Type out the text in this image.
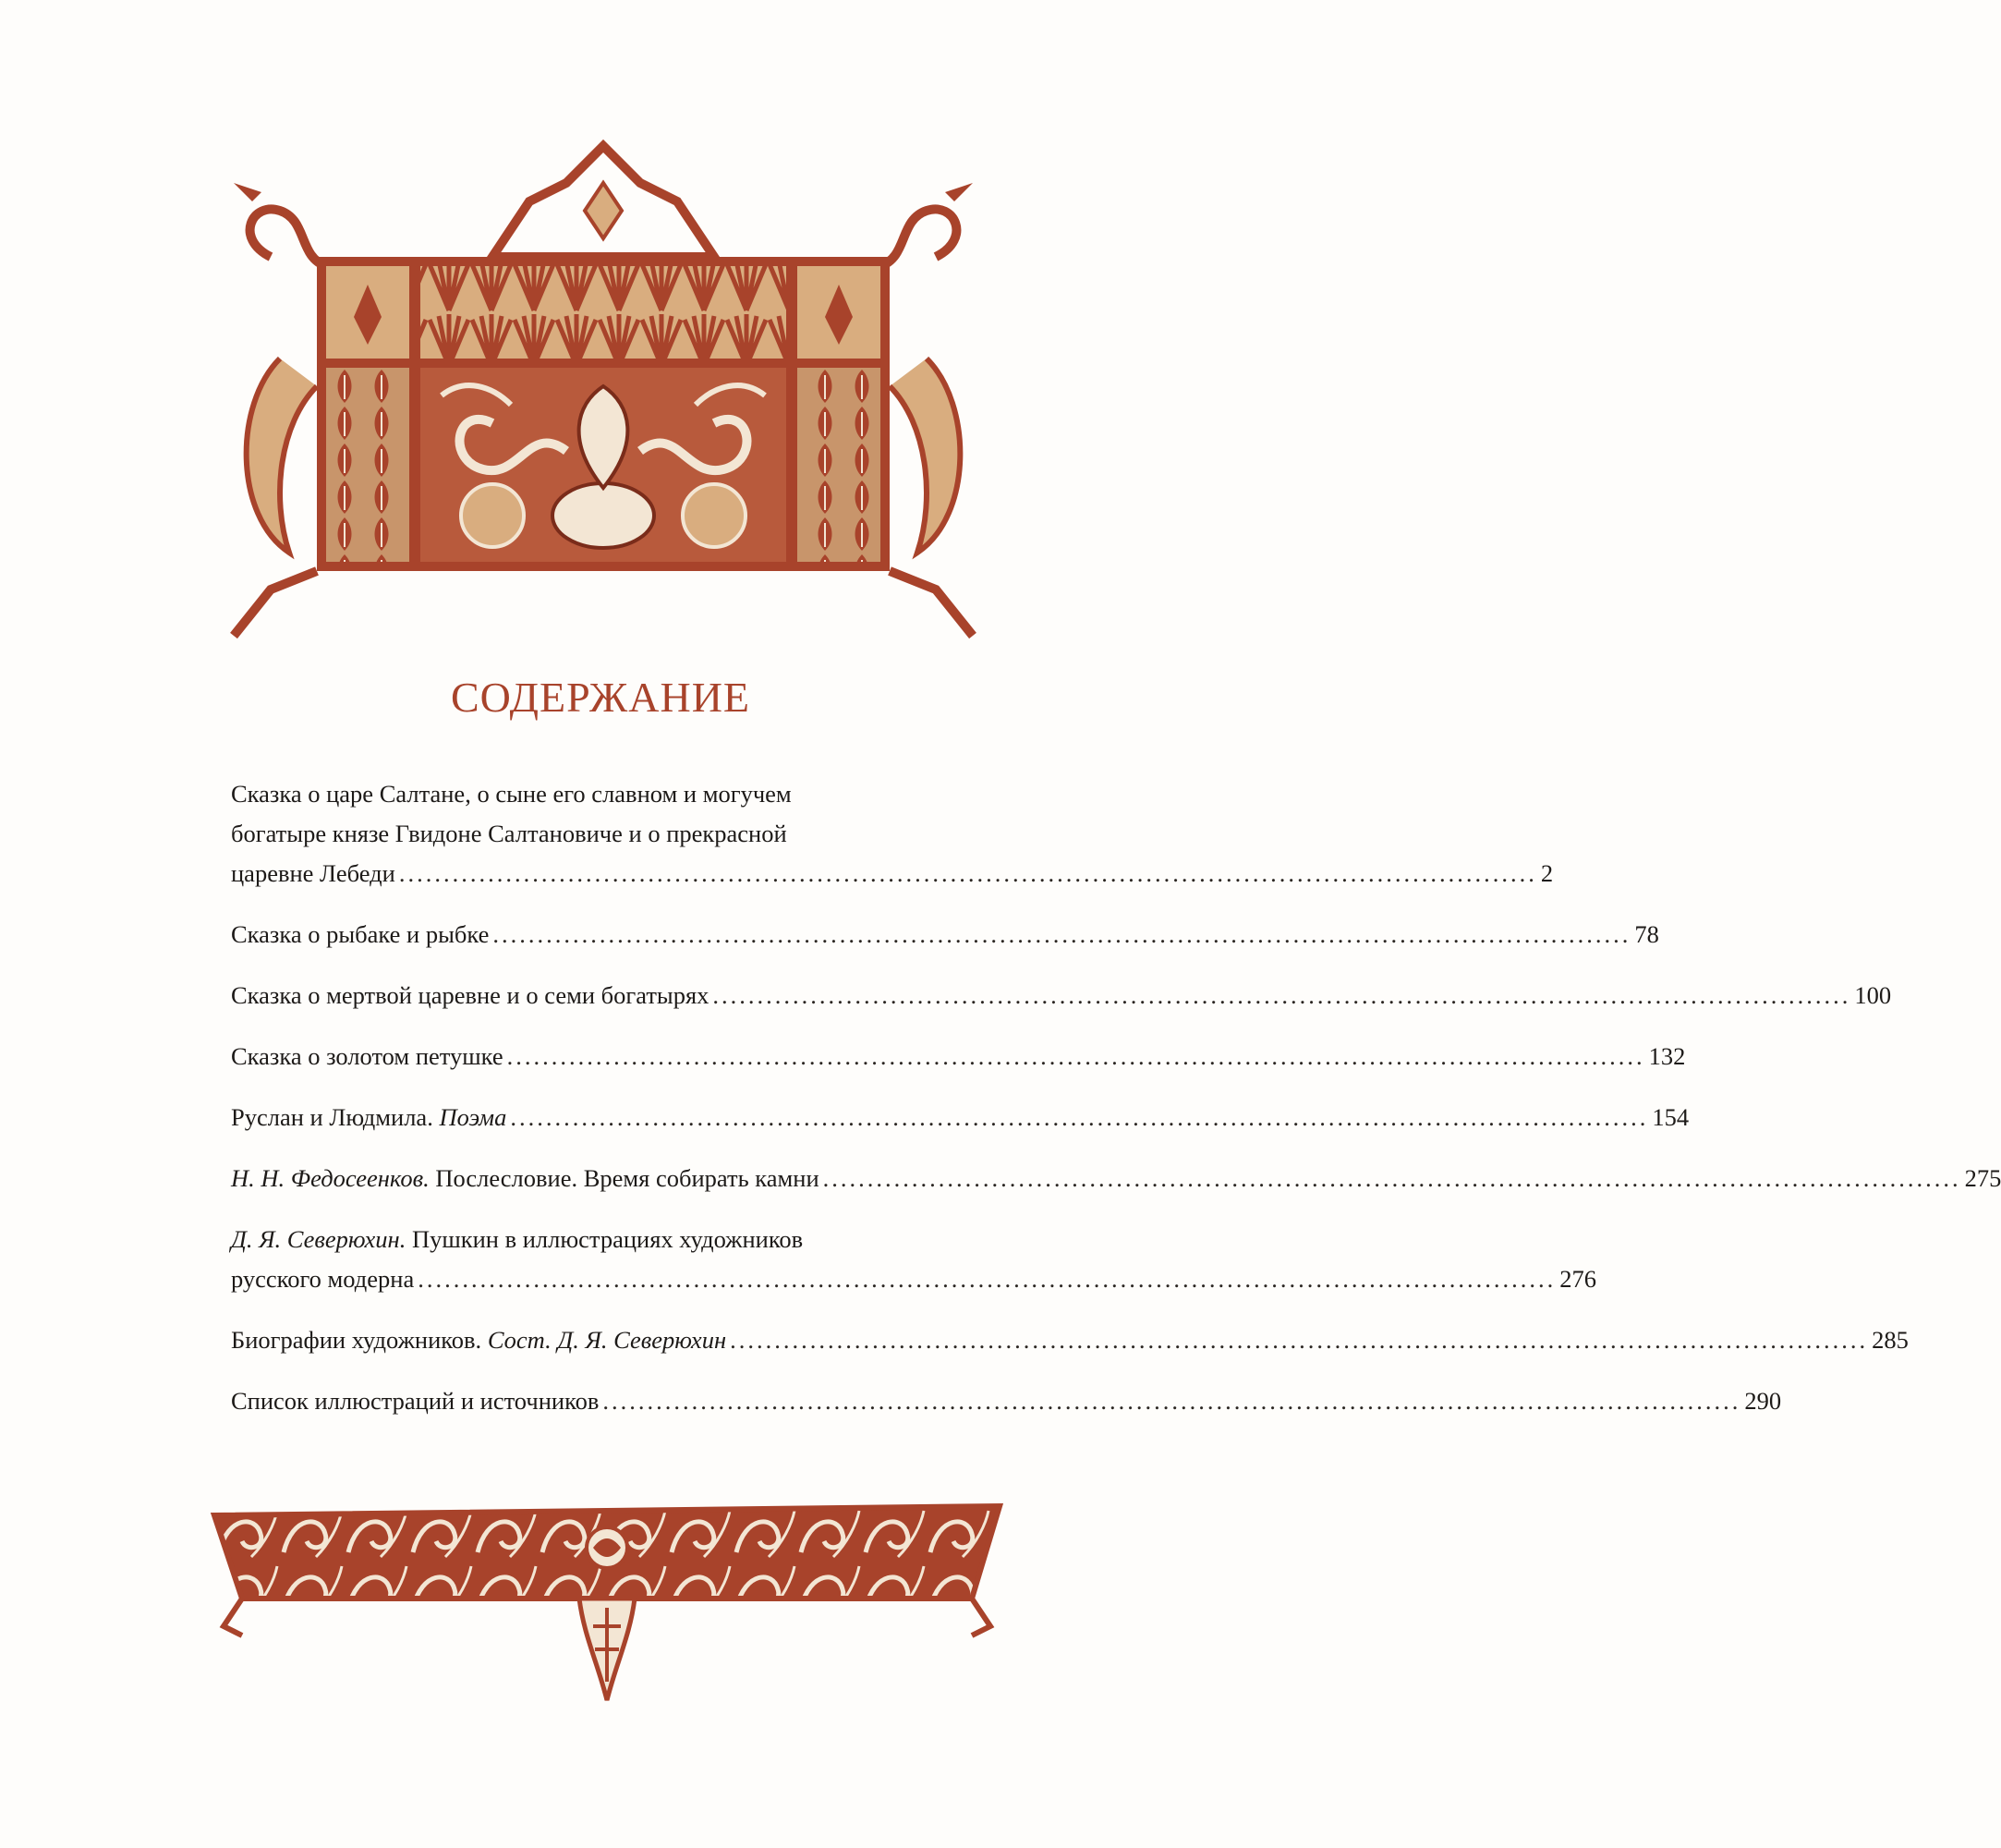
СОДЕРЖАНИЕ
Сказка о царе Салтане, о сыне его славном и могучем
богатыре князе Гвидоне Салтановиче и о прекрасной
царевне Лебеди ................................................................................................................................ 2
Сказка о рыбаке и рыбке ................................................................................................................................ 78
Сказка о мертвой царевне и о семи богатырях ................................................................................................................................ 100
Сказка о золотом петушке ................................................................................................................................ 132
Руслан и Людмила. Поэма ................................................................................................................................ 154
Н. Н. Федосеенков. Послесловие. Время собирать камни ................................................................................................................................ 275
Д. Я. Северюхин. Пушкин в иллюстрациях художников
русского модерна ................................................................................................................................ 276
Биографии художников. Сост. Д. Я. Северюхин ................................................................................................................................ 285
Список иллюстраций и источников ................................................................................................................................ 290
